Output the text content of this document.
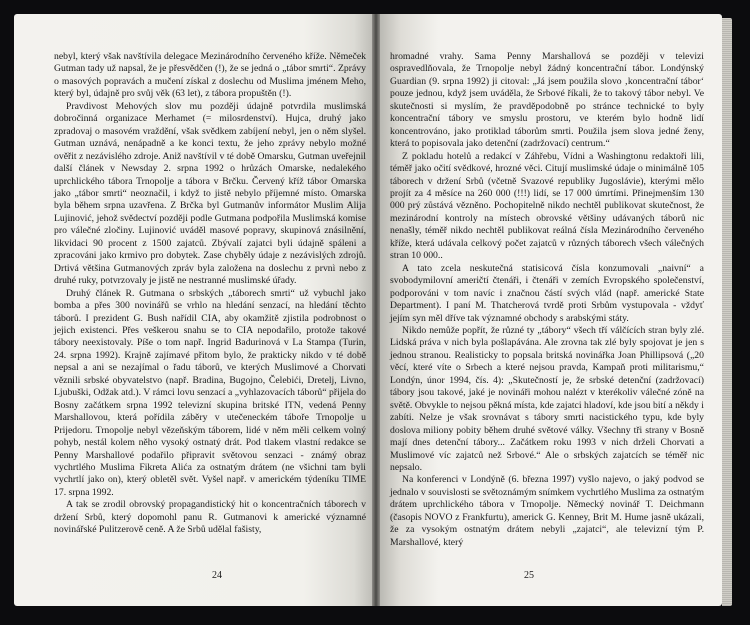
nebyl, který však navštívila delegace Mezinárodního červeného kříže. Němeček Gutman tady už napsal, že je přesvědčen (!), že se jedná o „tábor smrti“. Zprávy o masových popravách a mučení získal z doslechu od Muslima jménem Meho, který byl, údajně pro svůj věk (63 let), z tábora propuštěn (!).

Pravdivost Mehových slov mu později údajně potvrdila muslimská dobročinná organizace Merhamet (= milosrdenství). Hujca, druhý jako zpradovaj o masovém vraždění, však svědkem zabíjení nebyl, jen o něm slyšel. Gutman uznává, nenápadně a ke konci textu, že jeho zprávy nebylo možné ověřit z nezávislého zdroje. Aniž navštívil v té době Omarsku, Gutman uveřejnil další článek v Newsday 2. srpna 1992 o hrůzách Omarske, nedalekého uprchlického tábora Trnopolje a tábora v Brčku. Červený kříž tábor Omarska jako „tábor smrti“ neoznačil, i když to jistě nebylo příjemné místo. Omarska byla během srpna uzavřena. Z Brčka byl Gutmanův informátor Muslim Alija Lujinović, jehož svědectví později podle Gutmana podpořila Muslimská komise pro válečné zločiny. Lujinović uváděl masové popravy, skupinová znásilnění, likvidaci 90 procent z 1500 zajatců. Zbývalí zajatci byli údajně spáleni a zpracováni jako krmivo pro dobytek. Zase chyběly údaje z nezávislých zdrojů. Drtivá většina Gutmanových zpráv byla založena na doslechu z prvnì nebo z druhé ruky, potvrzovaly je jistě ne nestranné muslimské úřady.

Druhý článek R. Gutmana o srbských „táborech smrti“ už vybuchl jako bomba a přes 300 novinářů se vrhlo na hledání senzací, na hledání těchto táborů. I prezident G. Bush nařídil CIA, aby okamžitě zjistila podrobnost o jejich existenci. Přes veškerou snahu se to CIA nepodařilo, protože takové tábory neexistovaly. Píše o tom např. Ingrid Badurinová v La Stampa (Turin, 24. srpna 1992). Krajně zajímavé přitom bylo, že prakticky nikdo v té době nepsal a ani se nezajímal o řadu táborů, ve kterých Muslimové a Chorvati věznili srbské obyvatelstvo (např. Bradina, Bugojno, Čelebići, Dretelj, Livno, Ljubuški, Odžak atd.). V rámci lovu senzací a „vyhlazovacích táborů“ přijela do Bosny začátkem srpna 1992 televizní skupina britské ITN, vedená Penny Marshallovou, která pořídila záběry v utečeneckém táboře Trnopolje u Prijedoru. Trnopolje nebyl vězeňským táborem, lidé v něm měli celkem volný pohyb, nestál kolem něho vysoký ostnatý drát. Pod tlakem vlastní redakce se Penny Marshallové podařilo připravit světovou senzaci - známý obraz vychrtlého Muslima Fikreta Alića za ostnatým drátem (ne všichni tam byli vychrtlí jako on), který obletěl svět. Vyšel např. v americkém týdeníku TIME 17. srpna 1992.

A tak se zrodil obrovský propagandistický hit o koncentračních táborech v držení Srbů, který dopomohl panu R. Gutmanovi k americké významné novinářské Pulitzerově ceně. A že Srbů udělal fašisty,

24

hromadné vrahy. Sama Penny Marshallová se později v televizi ospravedlňovala, že Trnopolje nebyl žádný koncentrační tábor. Londýnský Guardian (9. srpna 1992) ji citoval: „Já jsem použila slovo ‚koncentrační tábor‘ pouze jednou, když jsem uváděla, že Srbové říkali, že to takový tábor nebyl. Ve skutečnosti si myslím, že pravděpodobně po stránce technické to byly koncentrační tábory ve smyslu prostoru, ve kterém bylo hodně lidí koncentrováno, jako protiklad táborům smrti. Použila jsem slova jedné ženy, která to popisovala jako detenční (zadržovací) centrum.“

Z pokladu hotelů a redakcí v Záhřebu, Vídni a Washingtonu redaktoři lili, téměř jako očití svědkové, hrozné věci. Citují muslimské údaje o minimálně 105 táborech v držení Srbů (včetně Svazové republiky Jugoslávie), kterými mělo projít za 4 měsíce na 260 000 (!!!) lidí, se 17 000 úmrtími. Přinejmenším 130 000 prý zůstává vězněno. Pochopitelně nikdo nechtěl publikovat skutečnost, že mezinárodní kontroly na místech obrovské většiny udávaných táborů nic nenašly, téměř nikdo nechtěl publikovat reálná čísla Mezinárodního červeného kříže, která udávala celkový počet zajatců v různých táborech všech válečných stran 10 000..

A tato zcela neskutečná statisicová čísla konzumovali „naivní“ a svobodymilovní američtí čtenáři, i čtenáři v zemích Evropského společenství, podporováni v tom navíc i značnou částí svých vlád (např. americké State Department). I paní M. Thatcherová tvrdě proti Srbům vystupovala - vždyť jejím syn měl dříve tak významné obchody s arabskými státy.

Nikdo nemůže popřít, že různé ty „tábory“ všech tří válčících stran byly zlé. Lidská práva v nich byla pošlapávána. Ale zrovna tak zlé byly spojovat je jen s jednou stranou. Realisticky to popsala britská novinářka Joan Phillipsová („20 věcí, které víte o Srbech a které nejsou pravda, Kampaň proti militarismu,“ Londýn, únor 1994, čís. 4): „Skutečností je, že srbské detenční (zadržovací) tábory jsou takové, jaké je novináři mohou nalézt v kterékoliv válečné zóně na světě. Obvykle to nejsou pěkná místa, kde zajatci hladoví, kde jsou bití a někdy i zabíti. Nelze je však srovnávat s tábory smrti nacistického typu, kde byly doslova miliony pobity během druhé světové války. Všechny tři strany v Bosně mají dnes detenční tábory... Začátkem roku 1993 v nich drželi Chorvati a Muslimové víc zajatců než Srbové.“ Ale o srbských zajatcích se téměř nic nepsalo.

Na konferenci v Londýně (6. března 1997) vyšlo najevo, o jaký podvod se jednalo v souvislosti se světoznámým snímkem vychrtlého Muslima za ostnatým drátem uprchlického tábora v Trnopolje. Německý novinář T. Deichmann (časopis NOVO z Frankfurtu), americk G. Kenney, Brit M. Hume jasně ukázali, že za vysokým ostnatým drátem nebyli „zajatci“, ale televizní tým P. Marshallové, který

25
